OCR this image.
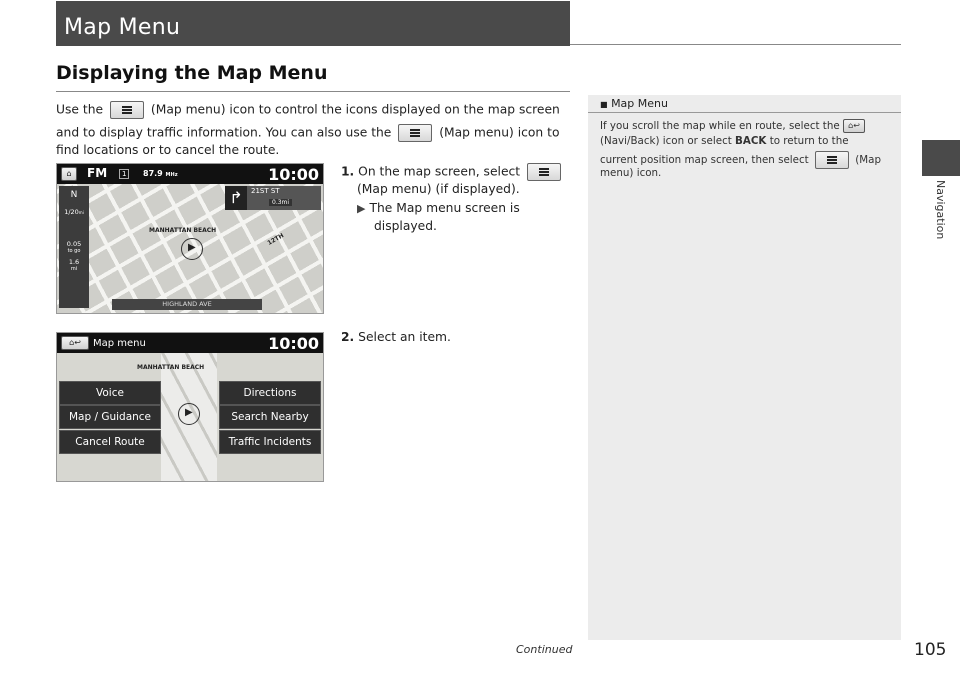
Map Menu
Displaying the Map Menu
Navigation
Use the	(Map menu) icon to control the icons displayed on the map screen
and to display traffic information. You can also use the	(Map menu) icon to
find locations or to cancel the route.
1. On the map screen, select
(Map menu) (if displayed).
▶ The Map menu screen is
displayed.
2. Select an item.
⌂	FM	1	87.9 MHz	10:00
↱	21ST ST
0.3mi
N
1/20mi
0.05
to go
1.6
mi
MANHATTAN BEACH
12TH
▶
HIGHLAND AVE
⌂↩	Map menu	10:00
MANHATTAN BEACH
▶
Voice
Map / Guidance
Cancel Route
Directions
Search Nearby
Traffic Incidents
■ Map Menu
If you scroll the map while en route, select the ⌂↩
(Navi/Back) icon or select BACK to return to the
current position map screen, then select	(Map
menu) icon.
Continued	105
